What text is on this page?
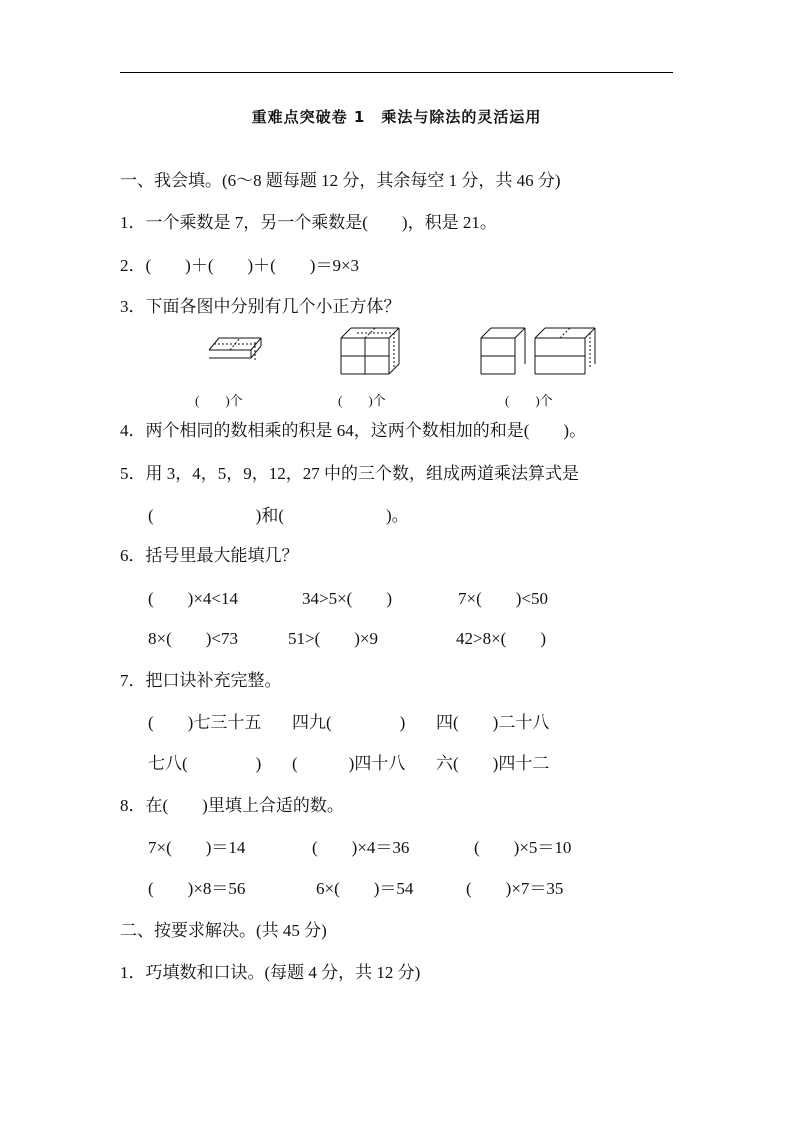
重难点突破卷 1　乘法与除法的灵活运用
一、我会填。(6～8 题每题 12 分，其余每空 1 分，共 46 分)
1．一个乘数是 7，另一个乘数是(　　)，积是 21。
2．(　　)＋(　　)＋(　　)＝9×3
3．下面各图中分别有几个小正方体？
(　　)个	(　　)个	(　　)个
4．两个相同的数相乘的积是 64，这两个数相加的和是(　　)。
5．用 3，4，5，9，12，27 中的三个数，组成两道乘法算式是
(                        )和(                        )。
6．括号里最大能填几？
(　　)×4<14	34>5×(　　)	7×(　　)<50
8×(　　)<73	51>(　　)×9	42>8×(　　)
7．把口诀补充完整。
(　　)七三十五 四九(　　　　) 四(　　)二十八
七八(　　　　) (　　　)四十八 六(　　)四十二
8．在(　　)里填上合适的数。
7×(　　)＝14	(　　)×4＝36	(　　)×5＝10
(　　)×8＝56	6×(　　)＝54	(　　)×7＝35
二、按要求解决。(共 45 分)
1．巧填数和口诀。(每题 4 分，共 12 分)
